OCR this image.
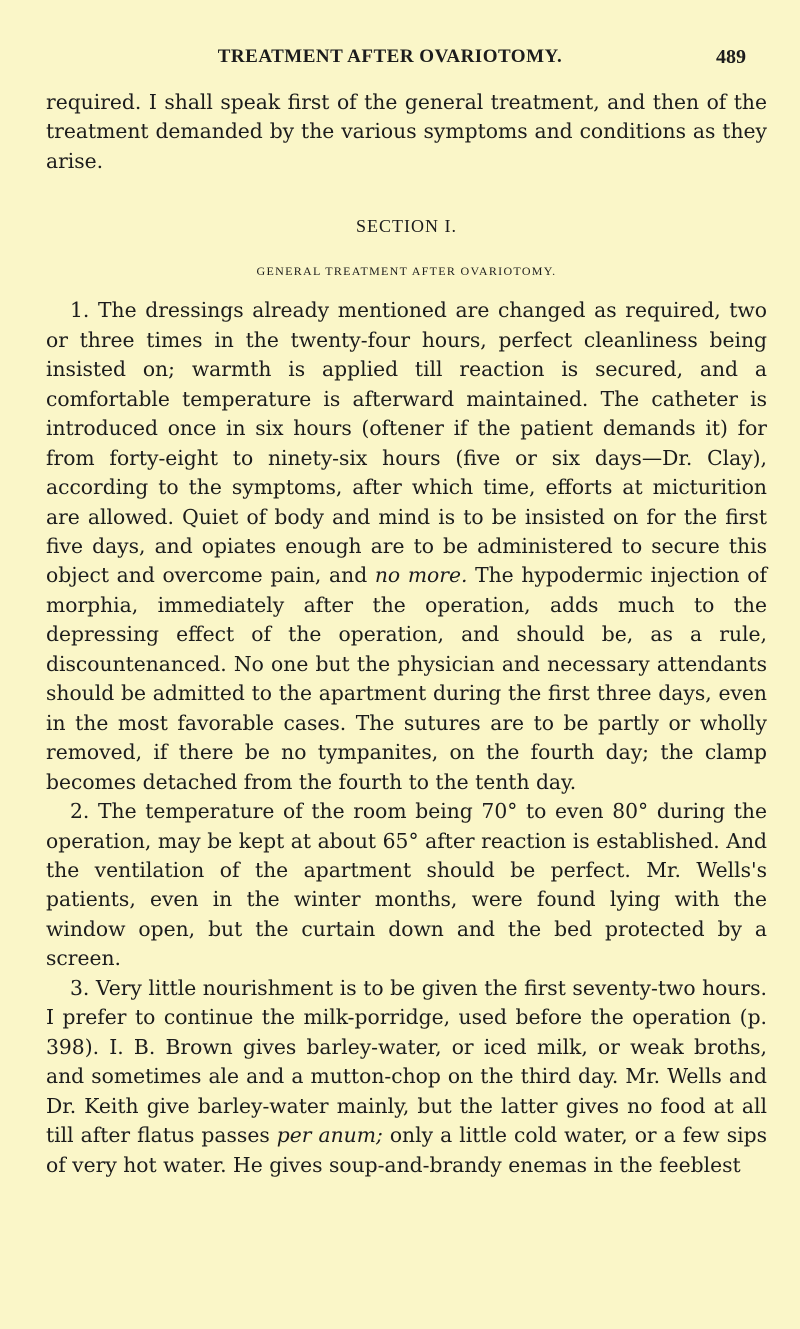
TREATMENT AFTER OVARIOTOMY.	489

required. I shall speak first of the general treatment, and then of the treatment demanded by the various symptoms and conditions as they arise.

SECTION I.

GENERAL TREATMENT AFTER OVARIOTOMY.

1. The dressings already mentioned are changed as required, two or three times in the twenty-four hours, perfect cleanliness being insisted on; warmth is applied till reaction is secured, and a comfortable temperature is afterward maintained. The catheter is introduced once in six hours (oftener if the patient demands it) for from forty-eight to ninety-six hours (five or six days—Dr. Clay), according to the symptoms, after which time, efforts at micturition are allowed. Quiet of body and mind is to be insisted on for the first five days, and opiates enough are to be administered to secure this object and overcome pain, and no more. The hypodermic injection of morphia, immediately after the operation, adds much to the depressing effect of the operation, and should be, as a rule, discountenanced. No one but the physician and necessary attendants should be admitted to the apartment during the first three days, even in the most favorable cases. The sutures are to be partly or wholly removed, if there be no tympanites, on the fourth day; the clamp becomes detached from the fourth to the tenth day.

2. The temperature of the room being 70° to even 80° during the operation, may be kept at about 65° after reaction is established. And the ventilation of the apartment should be perfect. Mr. Wells's patients, even in the winter months, were found lying with the window open, but the curtain down and the bed protected by a screen.

3. Very little nourishment is to be given the first seventy-two hours. I prefer to continue the milk-porridge, used before the operation (p. 398). I. B. Brown gives barley-water, or iced milk, or weak broths, and sometimes ale and a mutton-chop on the third day. Mr. Wells and Dr. Keith give barley-water mainly, but the latter gives no food at all till after flatus passes per anum; only a little cold water, or a few sips of very hot water. He gives soup-and-brandy enemas in the feeblest
